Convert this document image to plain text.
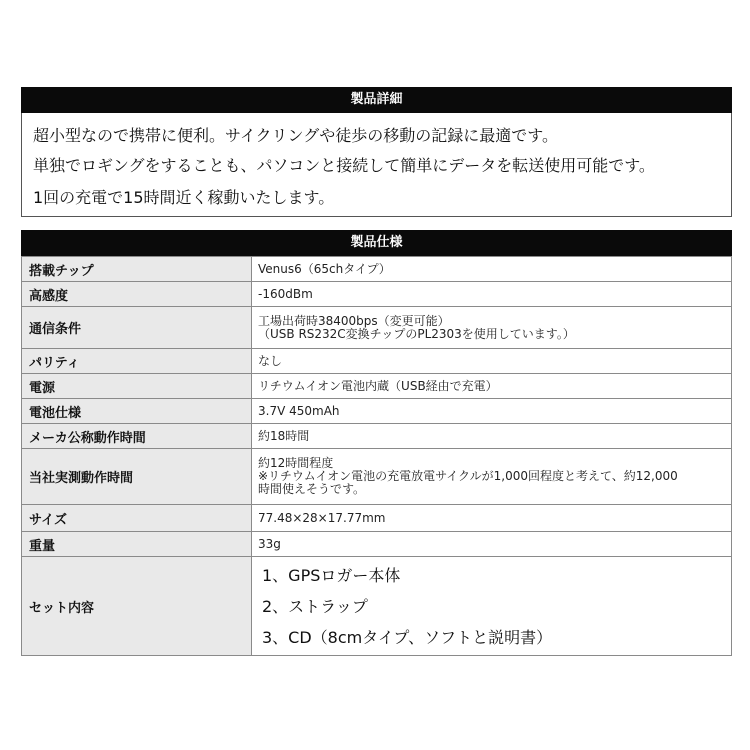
製品詳細
超小型なので携帯に便利。サイクリングや徒歩の移動の記録に最適です。
単独でロギングをすることも、パソコンと接続して簡単にデータを転送使用可能です。
1回の充電で15時間近く稼動いたします。
製品仕様
搭載チップ	Venus6（65chタイプ）

高感度	-160dBm

通信条件	工場出荷時38400bps（変更可能）
（USB RS232C変換チップのPL2303を使用しています。）

パリティ	なし

電源	リチウムイオン電池内蔵（USB経由で充電）

電池仕様	3.7V 450mAh

メーカ公称動作時間	約18時間

当社実測動作時間	約12時間程度
※リチウムイオン電池の充電放電サイクルが1,000回程度と考えて、約12,000
時間使えそうです。

サイズ	77.48×28×17.77mm

重量	33g

セット内容	1、GPSロガー本体
2、ストラップ
3、CD（8cmタイプ、ソフトと説明書）
